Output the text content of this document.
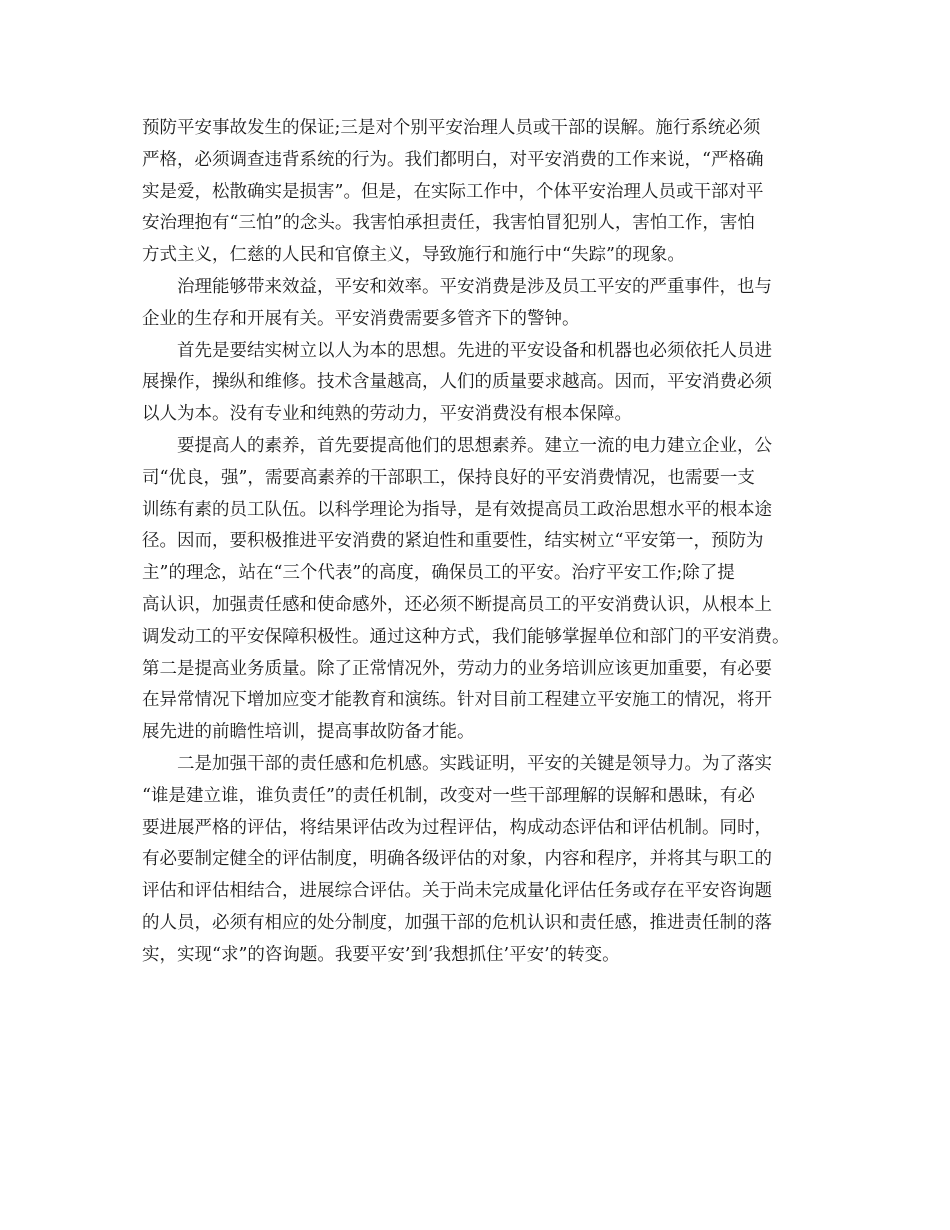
预防平安事故发生的保证;三是对个别平安治理人员或干部的误解。施行系统必须
严格，必须调查违背系统的行为。我们都明白，对平安消费的工作来说，“严格确
实是爱，松散确实是损害”。但是，在实际工作中，个体平安治理人员或干部对平
安治理抱有“三怕”的念头。我害怕承担责任，我害怕冒犯别人，害怕工作，害怕
方式主义，仁慈的人民和官僚主义，导致施行和施行中“失踪”的现象。
治理能够带来效益，平安和效率。平安消费是涉及员工平安的严重事件，也与
企业的生存和开展有关。平安消费需要多管齐下的警钟。
首先是要结实树立以人为本的思想。先进的平安设备和机器也必须依托人员进
展操作，操纵和维修。技术含量越高，人们的质量要求越高。因而，平安消费必须
以人为本。没有专业和纯熟的劳动力，平安消费没有根本保障。
要提高人的素养，首先要提高他们的思想素养。建立一流的电力建立企业，公
司“优良，强”，需要高素养的干部职工，保持良好的平安消费情况，也需要一支
训练有素的员工队伍。以科学理论为指导，是有效提高员工政治思想水平的根本途
径。因而，要积极推进平安消费的紧迫性和重要性，结实树立“平安第一，预防为
主”的理念，站在“三个代表”的高度，确保员工的平安。治疗平安工作;除了提
高认识，加强责任感和使命感外，还必须不断提高员工的平安消费认识，从根本上
调发动工的平安保障积极性。通过这种方式，我们能够掌握单位和部门的平安消费。
第二是提高业务质量。除了正常情况外，劳动力的业务培训应该更加重要，有必要
在异常情况下增加应变才能教育和演练。针对目前工程建立平安施工的情况，将开
展先进的前瞻性培训，提高事故防备才能。
二是加强干部的责任感和危机感。实践证明，平安的关键是领导力。为了落实
“谁是建立谁，谁负责任”的责任机制，改变对一些干部理解的误解和愚昧，有必
要进展严格的评估，将结果评估改为过程评估，构成动态评估和评估机制。同时，
有必要制定健全的评估制度，明确各级评估的对象，内容和程序，并将其与职工的
评估和评估相结合，进展综合评估。关于尚未完成量化评估任务或存在平安咨询题
的人员，必须有相应的处分制度，加强干部的危机认识和责任感，推进责任制的落
实，实现“求”的咨询题。我要平安’到’我想抓住’平安’的转变。
